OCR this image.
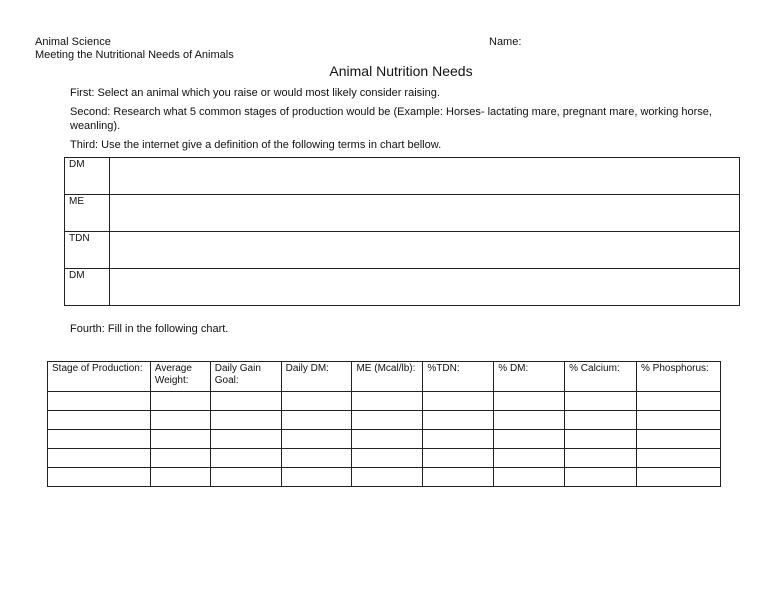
Animal Science
Meeting the Nutritional Needs of Animals
Name:
Animal Nutrition Needs
First: Select an animal which you raise or would most likely consider raising.
Second: Research what 5 common stages of production would be (Example: Horses- lactating mare, pregnant mare, working horse, weanling).
Third: Use the internet give a definition of the following terms in chart bellow.
DM	
ME	
TDN	
DM	
Fourth: Fill in the following chart.
Stage of Production:	Average Weight:	Daily Gain Goal:	Daily DM:	ME (Mcal/lb):	%TDN:	% DM:	% Calcium:	% Phosphorus:
